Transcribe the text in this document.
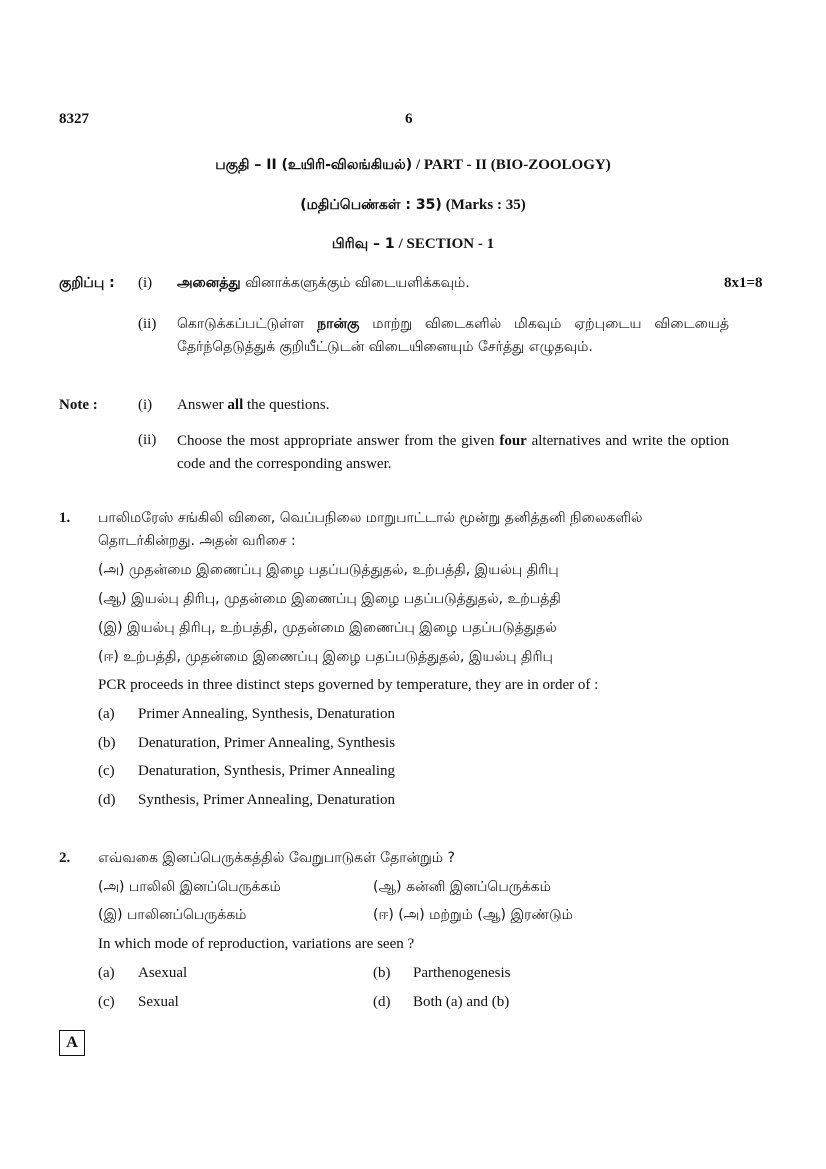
8327	6
பகுதி – II (உயிரி-விலங்கியல்) / PART - II (BIO-ZOOLOGY)
(மதிப்பெண்கள் : 35) (Marks : 35)
பிரிவு – 1 / SECTION - 1
குறிப்பு : (i) அனைத்து வினாக்களுக்கும் விடையளிக்கவும்.	8x1=8
(ii) கொடுக்கப்பட்டுள்ள நான்கு மாற்று விடைகளில் மிகவும் ஏற்புடைய விடையைத் தேர்ந்தெடுத்துக் குறியீட்டுடன் விடையினையும் சேர்த்து எழுதவும்.
Note :	(i) Answer all the questions.
(ii) Choose the most appropriate answer from the given four alternatives and write the option code and the corresponding answer.
1. பாலிமரேஸ் சங்கிலி வினை, வெப்பநிலை மாறுபாட்டால் மூன்று தனித்தனி நிலைகளில்
தொடர்கின்றது. அதன் வரிசை :
(அ) முதன்மை இணைப்பு இழை பதப்படுத்துதல், உற்பத்தி, இயல்பு திரிபு
(ஆ) இயல்பு திரிபு, முதன்மை இணைப்பு இழை பதப்படுத்துதல், உற்பத்தி
(இ) இயல்பு திரிபு, உற்பத்தி, முதன்மை இணைப்பு இழை பதப்படுத்துதல்
(ஈ) உற்பத்தி, முதன்மை இணைப்பு இழை பதப்படுத்துதல், இயல்பு திரிபு
PCR proceeds in three distinct steps governed by temperature, they are in order of :
(a) Primer Annealing, Synthesis, Denaturation
(b) Denaturation, Primer Annealing, Synthesis
(c) Denaturation, Synthesis, Primer Annealing
(d) Synthesis, Primer Annealing, Denaturation
2. எவ்வகை இனப்பெருக்கத்தில் வேறுபாடுகள் தோன்றும் ?
(அ) பாலிலி இனப்பெருக்கம்	(ஆ) கன்னி இனப்பெருக்கம்
(இ) பாலினப்பெருக்கம்	(ஈ) (அ) மற்றும் (ஆ) இரண்டும்
In which mode of reproduction, variations are seen ?
(a) Asexual	(b) Parthenogenesis
(c) Sexual	(d) Both (a) and (b)
A
